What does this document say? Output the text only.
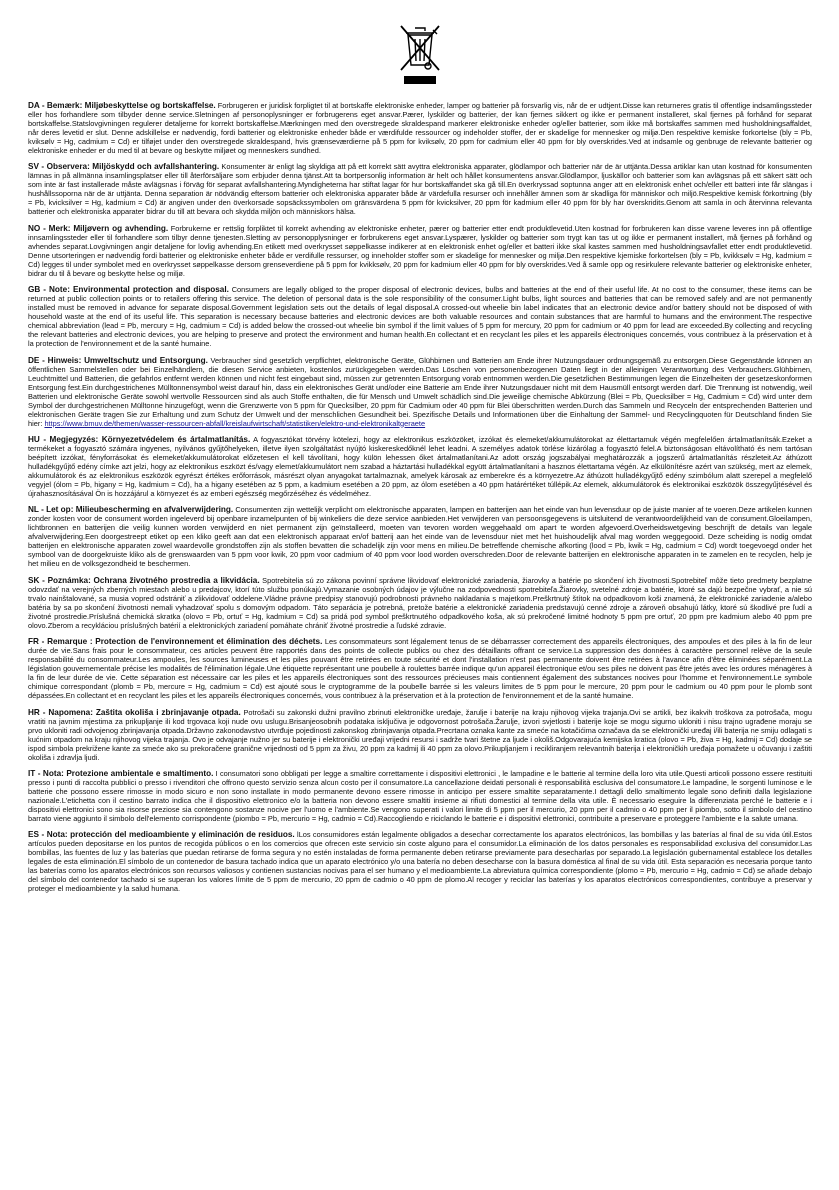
DA - Bemærk: Miljøbeskyttelse og bortskaffelse. Forbrugeren er juridisk forpligtet til at bortskaffe elektroniske enheder, lamper og batterier på forsvarlig vis, når de er udtjent.Disse kan returneres gratis til offentlige indsamlingssteder eller hos forhandlere som tilbyder denne service.Sletningen af personoplysninger er forbrugerens eget ansvar.Pærer, lyskilder og batterier, der kan fjernes sikkert og ikke er permanent installeret, skal fjernes på forhånd for separat bortskaffelse.Statslovgivningen regulerer detaljerne for korrekt bortskaffelse.Mærkningen med den overstregede skraldespand markerer elektroniske enheder og/eller batterier, som ikke må bortskaffes sammen med husholdningsaffaldet, når deres levetid er slut. Denne adskillelse er nødvendig, fordi batterier og elektroniske enheder både er værdifulde ressourcer og indeholder stoffer, der er skadelige for mennesker og miljø.Den respektive kemiske forkortelse (bly = Pb, kviksølv = Hg, cadmium = Cd) er tilføjet under den overstregede skraldespand, hvis grænseværdierne på 5 ppm for kviksølv, 20 ppm for cadmium eller 40 ppm for bly overskrides.Ved at indsamle og genbruge de relevante batterier og elektroniske enheder er du med til at bevare og beskytte miljøet og menneskers sundhed.

SV - Observera: Miljöskydd och avfallshantering. Konsumenter är enligt lag skyldiga att på ett korrekt sätt avyttra elektroniska apparater, glödlampor och batterier när de är uttjänta.Dessa artiklar kan utan kostnad för konsumenten lämnas in på allmänna insamlingsplatser eller till återförsäljare som erbjuder denna tjänst.Att ta bortpersonlig information är helt och hållet konsumentens ansvar.Glödlampor, ljuskällor och batterier som kan avlägsnas på ett säkert sätt och som inte är fast installerade måste avlägsnas i förväg för separat avfallshantering.Myndigheterna har stiftat lagar för hur bortskaffandet ska gå till.En överkryssad soptunna anger att en elektronisk enhet och/eller ett batteri inte får slängas i hushållssoporna när de är uttjänta. Denna separation är nödvändig eftersom batterier och elektroniska apparater både är värdefulla resurser och innehåller ämnen som är skadliga för människor och miljö.Respektive kemisk förkortning (bly = Pb, kvicksilver = Hg, kadmium = Cd) är angiven under den överkorsade sopsäckssymbolen om gränsvärdena 5 ppm för kvicksilver, 20 ppm för kadmium eller 40 ppm för bly har överskridits.Genom att samla in och återvinna relevanta batterier och elektroniska apparater bidrar du till att bevara och skydda miljön och människors hälsa.

NO - Merk: Miljøvern og avhending. Forbrukerne er rettslig forpliktet til korrekt avhending av elektroniske enheter, pærer og batterier etter endt produktlevetid.Uten kostnad for forbrukeren kan disse varene leveres inn på offentlige innsamlingssteder eller til forhandlere som tilbyr denne tjenesten.Sletting av personopplysninger er forbrukerens eget ansvar.Lyspærer, lyskilder og batterier som trygt kan tas ut og ikke er permanent installert, må fjernes på forhånd og avhendes separat.Lovgivningen angir detaljene for lovlig avhending.En etikett med overkrysset søppelkasse indikerer at en elektronisk enhet og/eller et batteri ikke skal kastes sammen med husholdningsavfallet etter endt produktlevetid. Denne utsorteringen er nødvendig fordi batterier og elektroniske enheter både er verdifulle ressurser, og inneholder stoffer som er skadelige for mennesker og miljø.Den respektive kjemiske forkortelsen (bly = Pb, kvikksølv = Hg, kadmium = Cd) legges til under symbolet med en overkrysset søppelkasse dersom grenseverdiene på 5 ppm for kvikksølv, 20 ppm for kadmium eller 40 ppm for bly overskrides.Ved å samle opp og resirkulere relevante batterier og elektroniske enheter, bidrar du til å bevare og beskytte helse og miljø.

GB - Note: Environmental protection and disposal. Consumers are legally obliged to the proper disposal of electronic devices, bulbs and batteries at the end of their useful life. At no cost to the consumer, these items can be returned at public collection points or to retailers offering this service. The deletion of personal data is the sole responsibility of the consumer.Light bulbs, light sources and batteries that can be removed safely and are not permanently installed must be removed in advance for separate disposal.Government legislation sets out the details of legal disposal.A crossed-out wheelie bin label indicates that an electronic device and/or battery should not be disposed of with household waste at the end of its useful life. This separation is necessary because batteries and electronic devices are both valuable resources and contain substances that are harmful to humans and the environment.The respective chemical abbreviation (lead = Pb, mercury = Hg, cadmium = Cd) is added below the crossed-out wheelie bin symbol if the limit values of 5 ppm for mercury, 20 ppm for cadmium or 40 ppm for lead are exceeded.By collecting and recycling the relevant batteries and electronic devices, you are helping to preserve and protect the environment and human health.En collectant et en recyclant les piles et les appareils électroniques concernés, vous contribuez à la préservation et à la protection de l'environnement et de la santé humaine.

DE - Hinweis: Umweltschutz und Entsorgung. Verbraucher sind gesetzlich verpflichtet, elektronische Geräte, Glühbirnen und Batterien am Ende ihrer Nutzungsdauer ordnungsgemäß zu entsorgen.Diese Gegenstände können an öffentlichen Sammelstellen oder bei Einzelhändlern, die diesen Service anbieten, kostenlos zurückgegeben werden.Das Löschen von personenbezogenen Daten liegt in der alleinigen Verantwortung des Verbrauchers.Glühbirnen, Leuchtmittel und Batterien, die gefahrlos entfernt werden können und nicht fest eingebaut sind, müssen zur getrennten Entsorgung vorab entnommen werden.Die gesetzlichen Bestimmungen legen die Einzelheiten der gesetzeskonformen Entsorgung fest.Ein durchgestrichenes Mülltonnensymbol weist darauf hin, dass ein elektronisches Gerät und/oder eine Batterie am Ende ihrer Nutzungsdauer nicht mit dem Hausmüll entsorgt werden darf. Die Trennung ist notwendig, weil Batterien und elektronische Geräte sowohl wertvolle Ressourcen sind als auch Stoffe enthalten, die für Mensch und Umwelt schädlich sind.Die jeweilige chemische Abkürzung (Blei = Pb, Quecksilber = Hg, Cadmium = Cd) wird unter dem Symbol der durchgestrichenen Mülltonne hinzugefügt, wenn die Grenzwerte von 5 ppm für Quecksilber, 20 ppm für Cadmium oder 40 ppm für Blei überschritten werden.Durch das Sammeln und Recyceln der entsprechenden Batterien und elektronischen Geräte tragen Sie zur Erhaltung und zum Schutz der Umwelt und der menschlichen Gesundheit bei. Spezifische Details und Informationen über die Einhaltung der Sammel- und Recyclingquoten für Deutschland finden Sie hier: https://www.bmuv.de/themen/wasser-ressourcen-abfall/kreislaufwirtschaft/statistiken/elektro-und-elektronikaltgeraete

HU - Megjegyzés: Környezetvédelem és ártalmatlanítás. A fogyasztókat törvény kötelezi, hogy az elektronikus eszközöket, izzókat és elemeket/akkumulátorokat az élettartamuk végén megfelelően ártalmatlanítsák.Ezeket a termékeket a fogyasztó számára ingyenes, nyilvános gyűjtőhelyeken, illetve ilyen szolgáltatást nyújtó kiskereskedőknél lehet leadni. A személyes adatok törlése kizárólag a fogyasztó felel.A biztonságosan eltávolítható és nem tartósan beépített izzókat, fényforrásokat és elemeket/akkumulátorokat előzetesen el kell távolítani, hogy külön lehessen őket ártalmatlanítani.Az adott ország jogszabályai meghatározzák a jogszerű ártalmatlanítás részleteit.Az áthúzott hulladékgyűjtő edény címke azt jelzi, hogy az elektronikus eszközt és/vagy elemet/akkumulátort nem szabad a háztartási hulladékkal együtt ártalmatlanítani a hasznos élettartama végén. Az elkülönítésre azért van szükség, mert az elemek, akkumulátorok és az elektronikus eszközök egyrészt értékes erőforrások, másrészt olyan anyagokat tartalmaznak, amelyek károsak az emberekre és a környezetre.Az áthúzott hulladékgyűjtő edény szimbólum alatt szerepel a megfelelő vegyjel (ólom = Pb, higany = Hg, kadmium = Cd), ha a higany esetében az 5 ppm, a kadmium esetében a 20 ppm, az ólom esetében a 40 ppm határértéket túllépik.Az elemek, akkumulátorok és elektronikai eszközök összegyűjtésével és újrahasznosításával Ön is hozzájárul a környezet és az emberi egészség megőrzéséhez és védelméhez.

NL - Let op: Milieubescherming en afvalverwijdering. Consumenten zijn wettelijk verplicht om elektronische apparaten, lampen en batterijen aan het einde van hun levensduur op de juiste manier af te voeren.Deze artikelen kunnen zonder kosten voor de consument worden ingeleverd bij openbare inzamelpunten of bij winkeliers die deze service aanbieden.Het verwijderen van persoonsgegevens is uitsluitend de verantwoordelijkheid van de consument.Gloeilampen, lichtbronnen en batterijen die veilig kunnen worden verwijderd en niet permanent zijn geïnstalleerd, moeten van tevoren worden weggehaald om apart te worden afgevoerd.Overheidswetgeving beschrijft de details van legale afvalverwijdering.Een doorgestreept etiket op een kliko geeft aan dat een elektronisch apparaat en/of batterij aan het einde van de levensduur niet met het huishoudelijk afval mag worden weggegooid. Deze scheiding is nodig omdat batterijen en elektronische apparaten zowel waardevolle grondstoffen zijn als stoffen bevatten die schadelijk zijn voor mens en milieu.De betreffende chemische afkorting (lood = Pb, kwik = Hg, cadmium = Cd) wordt toegevoegd onder het symbool van de doorgekruiste kliko als de grenswaarden van 5 ppm voor kwik, 20 ppm voor cadmium of 40 ppm voor lood worden overschreden.Door de relevante batterijen en elektronische apparaten in te zamelen en te recyclen, help je het milieu en de volksgezondheid te beschermen.

SK - Poznámka: Ochrana životného prostredia a likvidácia. Spotrebitelia sú zo zákona povinní správne likvidovať elektronické zariadenia, žiarovky a batérie po skončení ich životnosti.Spotrebiteľ môže tieto predmety bezplatne odovzdať na verejných zberných miestach alebo u predajcov, ktorí túto službu ponúkajú.Vymazanie osobných údajov je výlučne na zodpovednosti spotrebiteľa.Žiarovky, svetelné zdroje a batérie, ktoré sa dajú bezpečne vybrať, a nie sú trvalo nainštalované, sa musia vopred odstrániť a zlikvidovať oddelene.Vládne právne predpisy stanovujú podrobnosti právneho nakladania s majetkom.Preškrtnutý štítok na odpadkovom koši znamená, že elektronické zariadenie a/alebo batéria by sa po skončení životnosti nemali vyhadzovať spolu s domovým odpadom. Táto separácia je potrebná, pretože batérie a elektronické zariadenia predstavujú cenné zdroje a zároveň obsahujú látky, ktoré sú škodlivé pre ľudí a životné prostredie.Príslušná chemická skratka (olovo = Pb, ortuť = Hg, kadmium = Cd) sa pridá pod symbol preškrtnutého odpadkového koša, ak sú prekročené limitné hodnoty 5 ppm pre ortuť, 20 ppm pre kadmium alebo 40 ppm pre olovo.Zberom a recykláciou príslušných batérií a elektronických zariadení pomáhate chrániť životné prostredie a ľudské zdravie.

FR - Remarque : Protection de l'environnement et élimination des déchets. Les consommateurs sont légalement tenus de se débarrasser correctement des appareils électroniques, des ampoules et des piles à la fin de leur durée de vie.Sans frais pour le consommateur, ces articles peuvent être rapportés dans des points de collecte publics ou chez des détaillants offrant ce service.La suppression des données à caractère personnel relève de la seule responsabilité du consommateur.Les ampoules, les sources lumineuses et les piles pouvant être retirées en toute sécurité et dont l'installation n'est pas permanente doivent être retirées à l'avance afin d'être éliminées séparément.La législation gouvernementale précise les modalités de l'élimination légale.Une étiquette représentant une poubelle à roulettes barrée indique qu'un appareil électronique et/ou ses piles ne doivent pas être jetés avec les ordures ménagères à la fin de leur durée de vie. Cette séparation est nécessaire car les piles et les appareils électroniques sont des ressources précieuses mais contiennent également des substances nocives pour l'homme et l'environnement.Le symbole chimique correspondant (plomb = Pb, mercure = Hg, cadmium = Cd) est ajouté sous le cryptogramme de la poubelle barrée si les valeurs limites de 5 ppm pour le mercure, 20 ppm pour le cadmium ou 40 ppm pour le plomb sont dépassées.En collectant et en recyclant les piles et les appareils électroniques concernés, vous contribuez à la préservation et à la protection de l'environnement et de la santé humaine.

HR - Napomena: Zaštita okoliša i zbrinjavanje otpada. Potrošači su zakonski dužni pravilno zbrinuti elektroničke uređaje, žarulje i baterije na kraju njihovog vijeka trajanja.Ovi se artikli, bez ikakvih troškova za potrošača, mogu vratiti na javnim mjestima za prikupljanje ili kod trgovaca koji nude ovu uslugu.Brisanjeosobnih podataka isključiva je odgovornost potrošača.Žarulje, izvori svjetlosti i baterije koje se mogu sigurno ukloniti i nisu trajno ugrađene moraju se prvo ukloniti radi odvojenog zbrinjavanja otpada.Državno zakonodavstvo utvrđuje pojedinosti zakonskog zbrinjavanja otpada.Precrtana oznaka kante za smeće na kotačićima označava da se elektronički uređaj i/ili baterija ne smiju odlagati s kućnim otpadom na kraju njihovog vijeka trajanja. Ovo je odvajanje nužno jer su baterije i elektronički uređaji vrijedni resursi i sadrže tvari štetne za ljude i okoliš.Odgovarajuća kemijska kratica (olovo = Pb, živa = Hg, kadmij = Cd) dodaje se ispod simbola prekrižene kante za smeće ako su prekoračene granične vrijednosti od 5 ppm za živu, 20 ppm za kadmij ili 40 ppm za olovo.Prikupljanjem i recikliranjem relevantnih baterija i elektroničkih uređaja pomažete u očuvanju i zaštiti okoliša i zdravlja ljudi.

IT - Nota: Protezione ambientale e smaltimento. I consumatori sono obbligati per legge a smaltire correttamente i dispositivi elettronici , le lampadine e le batterie al termine della loro vita utile.Questi articoli possono essere restituiti presso i punti di raccolta pubblici o presso i rivenditori che offrono questo servizio senza alcun costo per il consumatore.La cancellazione deidati personali è responsabilità esclusiva del consumatore.Le lampadine, le sorgenti luminose e le batterie che possono essere rimosse in modo sicuro e non sono installate in modo permanente devono essere rimosse in anticipo per essere smaltite separatamente.I dettagli dello smaltimento legale sono definiti dalla legislazione nazionale.L'etichetta con il cestino barrato indica che il dispositivo elettronico e/o la batteria non devono essere smaltiti insieme ai rifiuti domestici al termine della vita utile. È necessario eseguire la differenziata perché le batterie e i dispositivi elettronici sono sia risorse preziose sia contengono sostanze nocive per l'uomo e l'ambiente.Se vengono superati i valori limite di 5 ppm per il mercurio, 20 ppm per il cadmio o 40 ppm per il piombo, sotto il simbolo del cestino barrato viene aggiunto il simbolo dell'elemento corrispondente (piombo = Pb, mercurio = Hg, cadmio = Cd).Raccogliendo e riciclando le batterie e i dispositivi elettronici, contribuite a preservare e proteggere l'ambiente e la salute umana.

ES - Nota: protección del medioambiente y eliminación de residuos. lLos consumidores están legalmente obligados a desechar correctamente los aparatos electrónicos, las bombillas y las baterías al final de su vida útil.Estos artículos pueden depositarse en los puntos de recogida públicos o en los comercios que ofrecen este servicio sin coste alguno para el consumidor.La eliminación de los datos personales es responsabilidad exclusiva del consumidor.Las bombillas, las fuentes de luz y las baterías que puedan retirarse de forma segura y no estén instaladas de forma permanente deben retirarse previamente para desecharlas por separado.La legislación gubernamental establece los detalles legales de esta eliminación.El símbolo de un contenedor de basura tachado indica que un aparato electrónico y/o una batería no deben desecharse con la basura doméstica al final de su vida útil. Esta separación es necesaria porque tanto las baterías como los aparatos electrónicos son recursos valiosos y contienen sustancias nocivas para el ser humano y el medioambiente.La abreviatura química correspondiente (plomo = Pb, mercurio = Hg, cadmio = Cd) se añade debajo del símbolo del contenedor tachado si se superan los valores límite de 5 ppm de mercurio, 20 ppm de cadmio o 40 ppm de plomo.Al recoger y reciclar las baterías y los aparatos electrónicos correspondientes, contribuye a preservar y proteger el medioambiente y la salud humana.
